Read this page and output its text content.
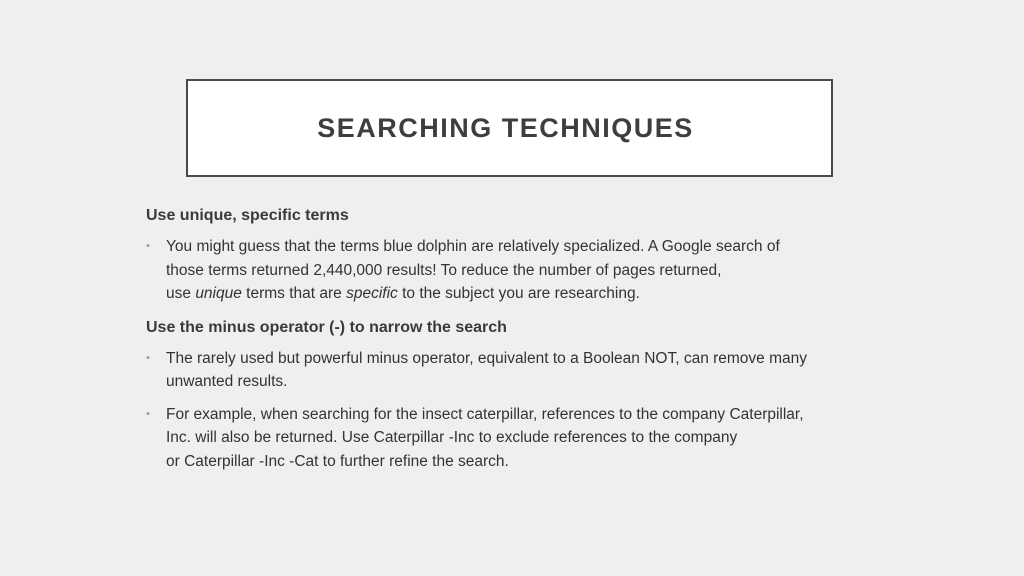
SEARCHING TECHNIQUES

Use unique, specific terms

• You might guess that the terms blue dolphin are relatively specialized. A Google search of
those terms returned 2,440,000 results! To reduce the number of pages returned,
use unique terms that are specific to the subject you are researching.

Use the minus operator (-) to narrow the search

• The rarely used but powerful minus operator, equivalent to a Boolean NOT, can remove many
unwanted results.
• For example, when searching for the insect caterpillar, references to the company Caterpillar,
Inc. will also be returned. Use Caterpillar -Inc to exclude references to the company
or Caterpillar -Inc -Cat to further refine the search.
